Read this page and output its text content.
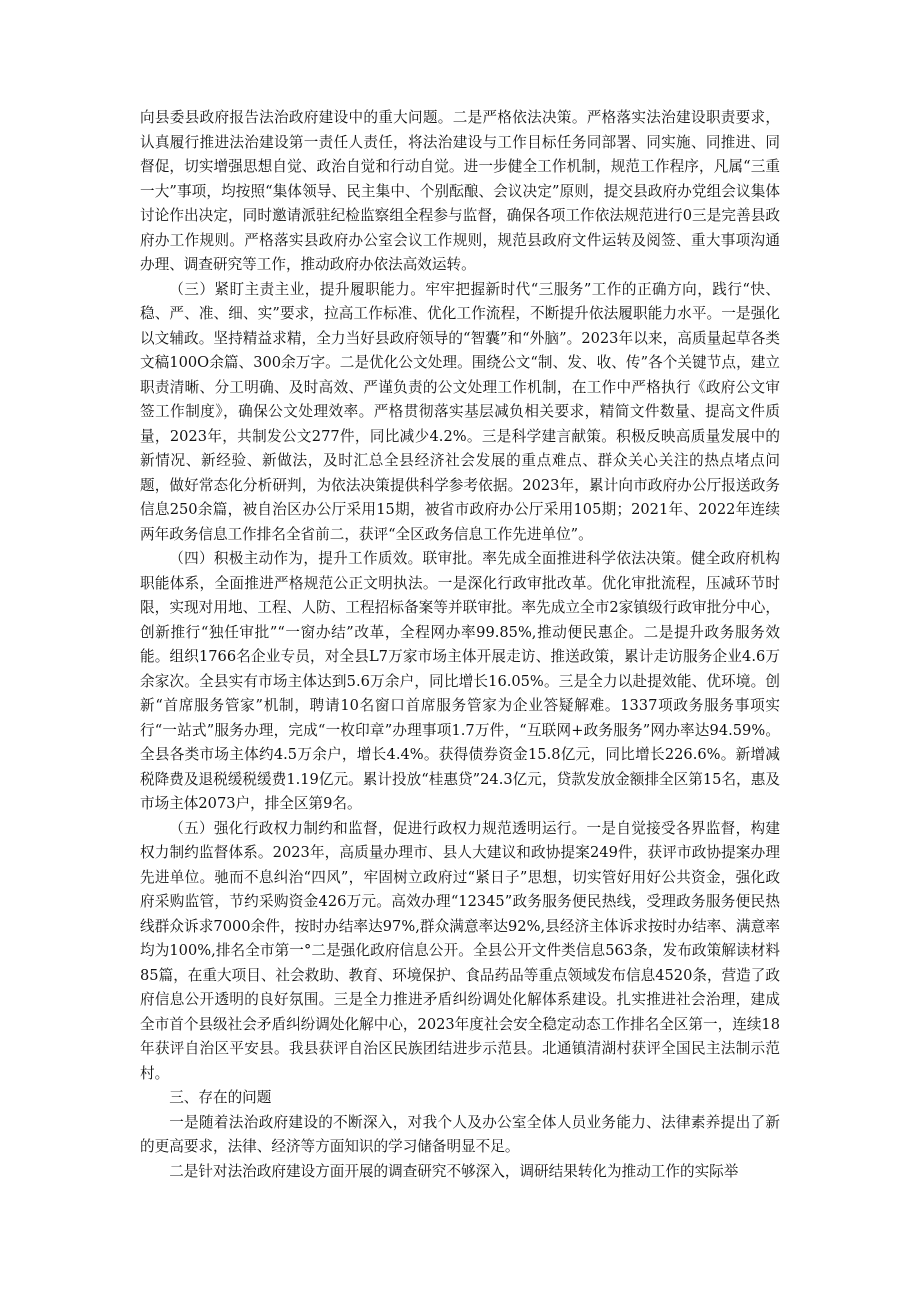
向县委县政府报告法治政府建设中的重大问题。二是严格依法决策。严格落实法治建设职责要求，认真履行推进法治建设第一责任人责任，将法治建设与工作目标任务同部署、同实施、同推进、同督促，切实增强思想自觉、政治自觉和行动自觉。进一步健全工作机制，规范工作程序，凡属“三重一大”事项，均按照“集体领导、民主集中、个别酝酿、会议决定”原则，提交县政府办党组会议集体讨论作出决定，同时邀请派驻纪检监察组全程参与监督，确保各项工作依法规范进行0三是完善县政府办工作规则。严格落实县政府办公室会议工作规则，规范县政府文件运转及阅签、重大事项沟通办理、调查研究等工作，推动政府办依法高效运转。

（三）紧盯主责主业，提升履职能力。牢牢把握新时代“三服务”工作的正确方向，践行“快、稳、严、准、细、实”要求，拉高工作标准、优化工作流程，不断提升依法履职能力水平。一是强化以文辅政。坚持精益求精，全力当好县政府领导的“智囊”和“外脑”。2023年以来，高质量起草各类文稿100O余篇、300余万字。二是优化公文处理。围绕公文“制、发、收、传”各个关键节点，建立职责清晰、分工明确、及时高效、严谨负责的公文处理工作机制，在工作中严格执行《政府公文审签工作制度》，确保公文处理效率。严格贯彻落实基层减负相关要求，精简文件数量、提高文件质量，2023年，共制发公文277件，同比减少4.2%。三是科学建言献策。积极反映高质量发展中的新情况、新经验、新做法，及时汇总全县经济社会发展的重点难点、群众关心关注的热点堵点问题，做好常态化分析研判，为依法决策提供科学参考依据。2023年，累计向市政府办公厅报送政务信息250余篇，被自治区办公厅采用15期，被省市政府办公厅采用105期；2021年、2022年连续两年政务信息工作排名全省前二，获评“全区政务信息工作先进单位”。

（四）积极主动作为，提升工作质效。联审批。率先成全面推进科学依法决策。健全政府机构职能体系，全面推进严格规范公正文明执法。一是深化行政审批改革。优化审批流程，压减环节时限，实现对用地、工程、人防、工程招标备案等并联审批。率先成立全市2家镇级行政审批分中心，创新推行“独任审批”“一窗办结”改革，全程网办率99.85%,推动便民惠企。二是提升政务服务效能。组织1766名企业专员，对全县L7万家市场主体开展走访、推送政策，累计走访服务企业4.6万余家次。全县实有市场主体达到5.6万余户，同比增长16.05%。三是全力以赴提效能、优环境。创新“首席服务管家”机制，聘请10名窗口首席服务管家为企业答疑解难。1337项政务服务事项实行“一站式”服务办理，完成“一枚印章”办理事项1.7万件，“互联网+政务服务”网办率达94.59%。全县各类市场主体约4.5万余户，增长4.4%。获得债券资金15.8亿元，同比增长226.6%。新增减税降费及退税缓税缓费1.19亿元。累计投放“桂惠贷”24.3亿元，贷款发放金额排全区第15名，惠及市场主体2073户，排全区第9名。

（五）强化行政权力制约和监督，促进行政权力规范透明运行。一是自觉接受各界监督，构建权力制约监督体系。2023年，高质量办理市、县人大建议和政协提案249件，获评市政协提案办理先进单位。驰而不息纠治“四风”，牢固树立政府过“紧日子”思想，切实管好用好公共资金，强化政府采购监管，节约采购资金426万元。高效办理“12345”政务服务便民热线，受理政务服务便民热线群众诉求7000余件，按时办结率达97%,群众满意率达92%,县经济主体诉求按时办结率、满意率均为100%,排名全市第一°二是强化政府信息公开。全县公开文件类信息563条，发布政策解读材料85篇，在重大项目、社会救助、教育、环境保护、食品药品等重点领域发布信息4520条，营造了政府信息公开透明的良好氛围。三是全力推进矛盾纠纷调处化解体系建设。扎实推进社会治理，建成全市首个县级社会矛盾纠纷调处化解中心，2023年度社会安全稳定动态工作排名全区第一，连续18年获评自治区平安县。我县获评自治区民族团结进步示范县。北通镇清湖村获评全国民主法制示范村。

三、存在的问题

一是随着法治政府建设的不断深入，对我个人及办公室全体人员业务能力、法律素养提出了新的更高要求，法律、经济等方面知识的学习储备明显不足。

二是针对法治政府建设方面开展的调查研究不够深入，调研结果转化为推动工作的实际举
